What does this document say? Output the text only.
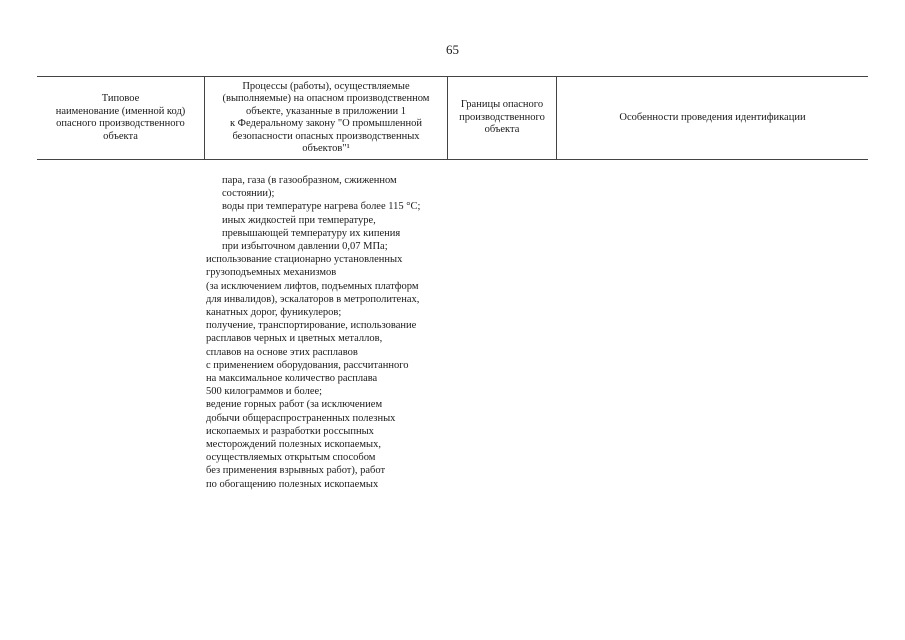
65
Типовое
наименование (именной код)
опасного производственного
объекта
Процессы (работы), осуществляемые
(выполняемые) на опасном производственном
объекте, указанные в приложении 1
к Федеральному закону "О промышленной
безопасности опасных производственных
объектов"¹
Границы опасного
производственного
объекта
Особенности проведения идентификации
пара, газа (в газообразном, сжиженном
состоянии);
воды при температуре нагрева более 115 °C;
иных жидкостей при температуре,
превышающей температуру их кипения
при избыточном давлении 0,07 МПа;
использование стационарно установленных
грузоподъемных механизмов
(за исключением лифтов, подъемных платформ
для инвалидов), эскалаторов в метрополитенах,
канатных дорог, фуникулеров;
получение, транспортирование, использование
расплавов черных и цветных металлов,
сплавов на основе этих расплавов
с применением оборудования, рассчитанного
на максимальное количество расплава
500 килограммов и более;
ведение горных работ (за исключением
добычи общераспространенных полезных
ископаемых и разработки россыпных
месторождений полезных ископаемых,
осуществляемых открытым способом
без применения взрывных работ), работ
по обогащению полезных ископаемых
